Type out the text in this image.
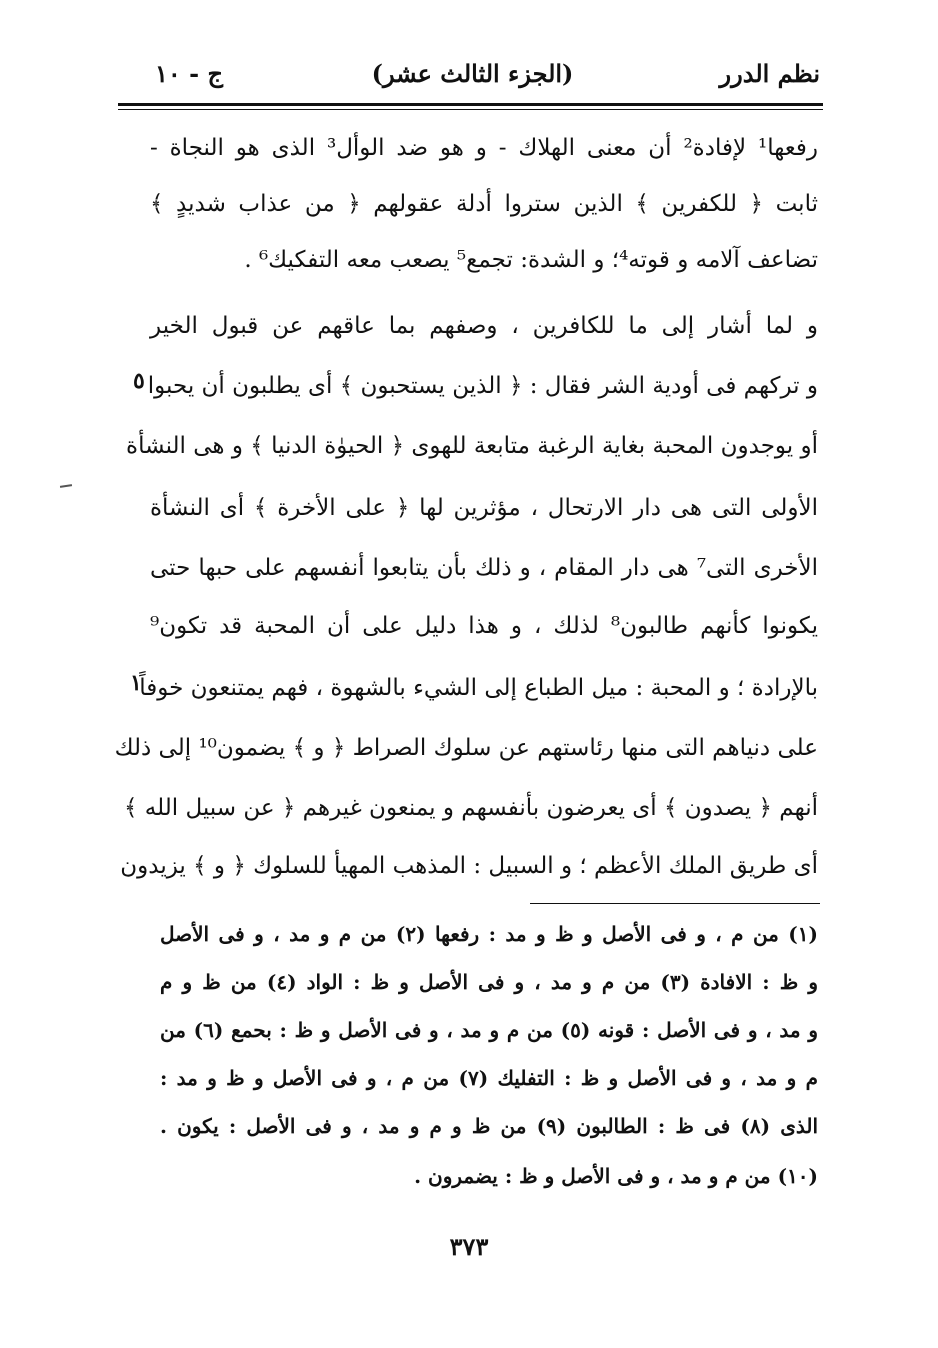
نظم الدرر
(الجزء الثالث عشر)
ج - ١٠
رفعها¹ لإفادة² أن معنى الهلاك - و هو ضد الوأل³ الذى هو النجاة -
ثابت ﴿ للكفرين ﴾ الذين ستروا أدلة عقولهم ﴿ من عذاب شديدٍ ﴾
تضاعف آلامه و قوته⁴؛ و الشدة: تجمع⁵ يصعب معه التفكيك⁶ .
و لما أشار إلى ما للكافرين ، وصفهم بما عاقهم عن قبول الخير
و تركهم فى أودية الشر فقال : ﴿ الذين يستحبون ﴾ أى يطلبون أن يحبوا
أو يوجدون المحبة بغاية الرغبة متابعة للهوى ﴿ الحيوٰة الدنيا ﴾ و هى النشأة
الأولى التى هى دار الارتحال ، مؤثرين لها ﴿ على الأخرة ﴾ أى النشأة
الأخرى التى⁷ هى دار المقام ، و ذلك بأن يتابعوا أنفسهم على حبها حتى
يكونوا كأنهم طالبون⁸ لذلك ، و هذا دليل على أن المحبة قد تكون⁹
بالإرادة ؛ و المحبة : ميل الطباع إلى الشيء بالشهوة ، فهم يمتنعون خوفاً
على دنياهم التى منها رئاستهم عن سلوك الصراط ﴿ و ﴾ يضمون¹⁰ إلى ذلك
أنهم ﴿ يصدون ﴾ أى يعرضون بأنفسهم و يمنعون غيرهم ﴿ عن سبيل الله ﴾
أى طريق الملك الأعظم ؛ و السبيل : المذهب المهيأ للسلوك ﴿ و ﴾ يزيدون
٥
١
(١) من م ، و فى الأصل و ظ و مد : رفعها (٢) من م و مد ، و فى الأصل
و ظ : الافادة (٣) من م و مد ، و فى الأصل و ظ : الواد (٤) من ظ و م
و مد ، و فى الأصل : قونه (٥) من م و مد ، و فى الأصل و ظ : بحمع (٦) من
م و مد ، و فى الأصل و ظ : التفليك (٧) من م ، و فى الأصل و ظ و مد :
الذى (٨) فى ظ : الطالبون (٩) من ظ و م و مد ، و فى الأصل : يكون .
(١٠) من م و مد ، و فى الأصل و ظ : يضمرون .
٣٧٣
